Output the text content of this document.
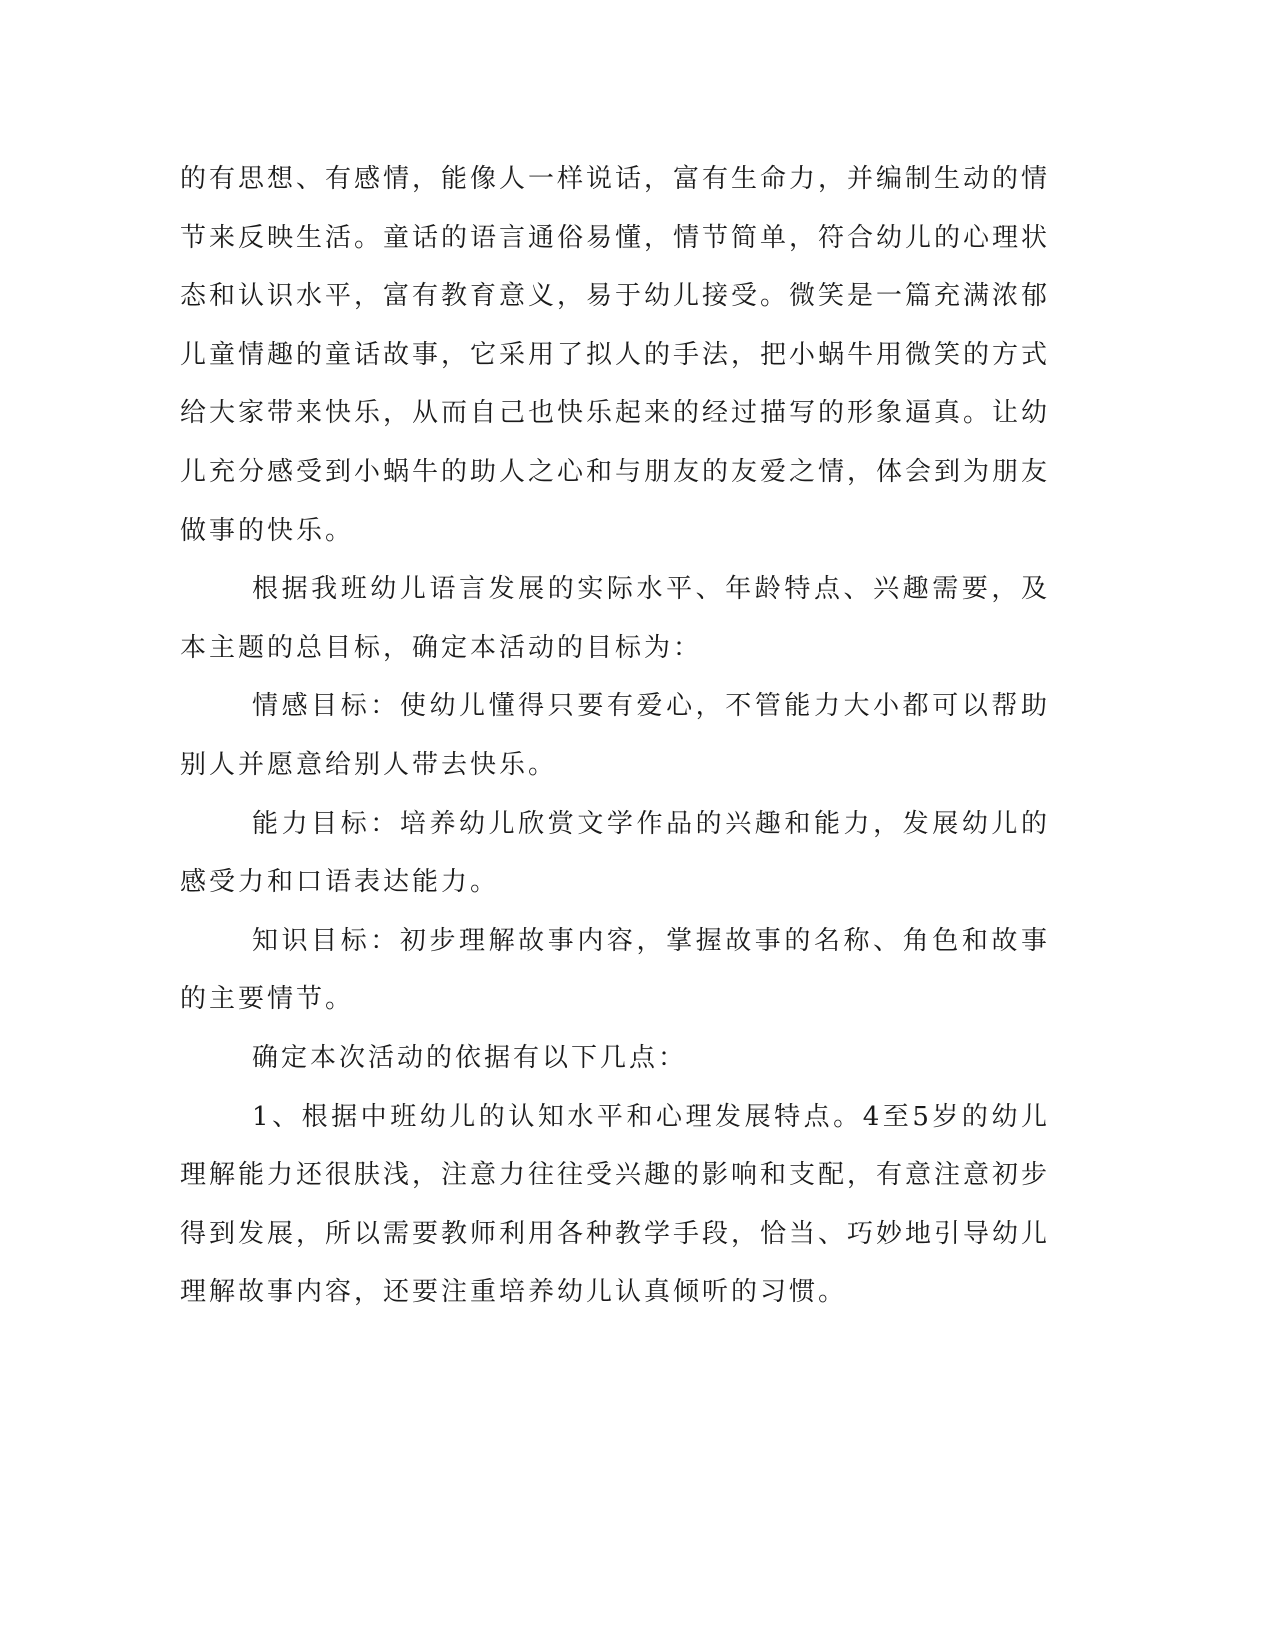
的有思想、有感情，能像人一样说话，富有生命力，并编制生动的情节来反映生活。童话的语言通俗易懂，情节简单，符合幼儿的心理状态和认识水平，富有教育意义，易于幼儿接受。微笑是一篇充满浓郁儿童情趣的童话故事，它采用了拟人的手法，把小蜗牛用微笑的方式给大家带来快乐，从而自己也快乐起来的经过描写的形象逼真。让幼儿充分感受到小蜗牛的助人之心和与朋友的友爱之情，体会到为朋友做事的快乐。

根据我班幼儿语言发展的实际水平、年龄特点、兴趣需要，及本主题的总目标，确定本活动的目标为：

情感目标：使幼儿懂得只要有爱心，不管能力大小都可以帮助别人并愿意给别人带去快乐。

能力目标：培养幼儿欣赏文学作品的兴趣和能力，发展幼儿的感受力和口语表达能力。

知识目标：初步理解故事内容，掌握故事的名称、角色和故事的主要情节。

确定本次活动的依据有以下几点：

1、根据中班幼儿的认知水平和心理发展特点。4至5岁的幼儿理解能力还很肤浅，注意力往往受兴趣的影响和支配，有意注意初步得到发展，所以需要教师利用各种教学手段，恰当、巧妙地引导幼儿理解故事内容，还要注重培养幼儿认真倾听的习惯。
